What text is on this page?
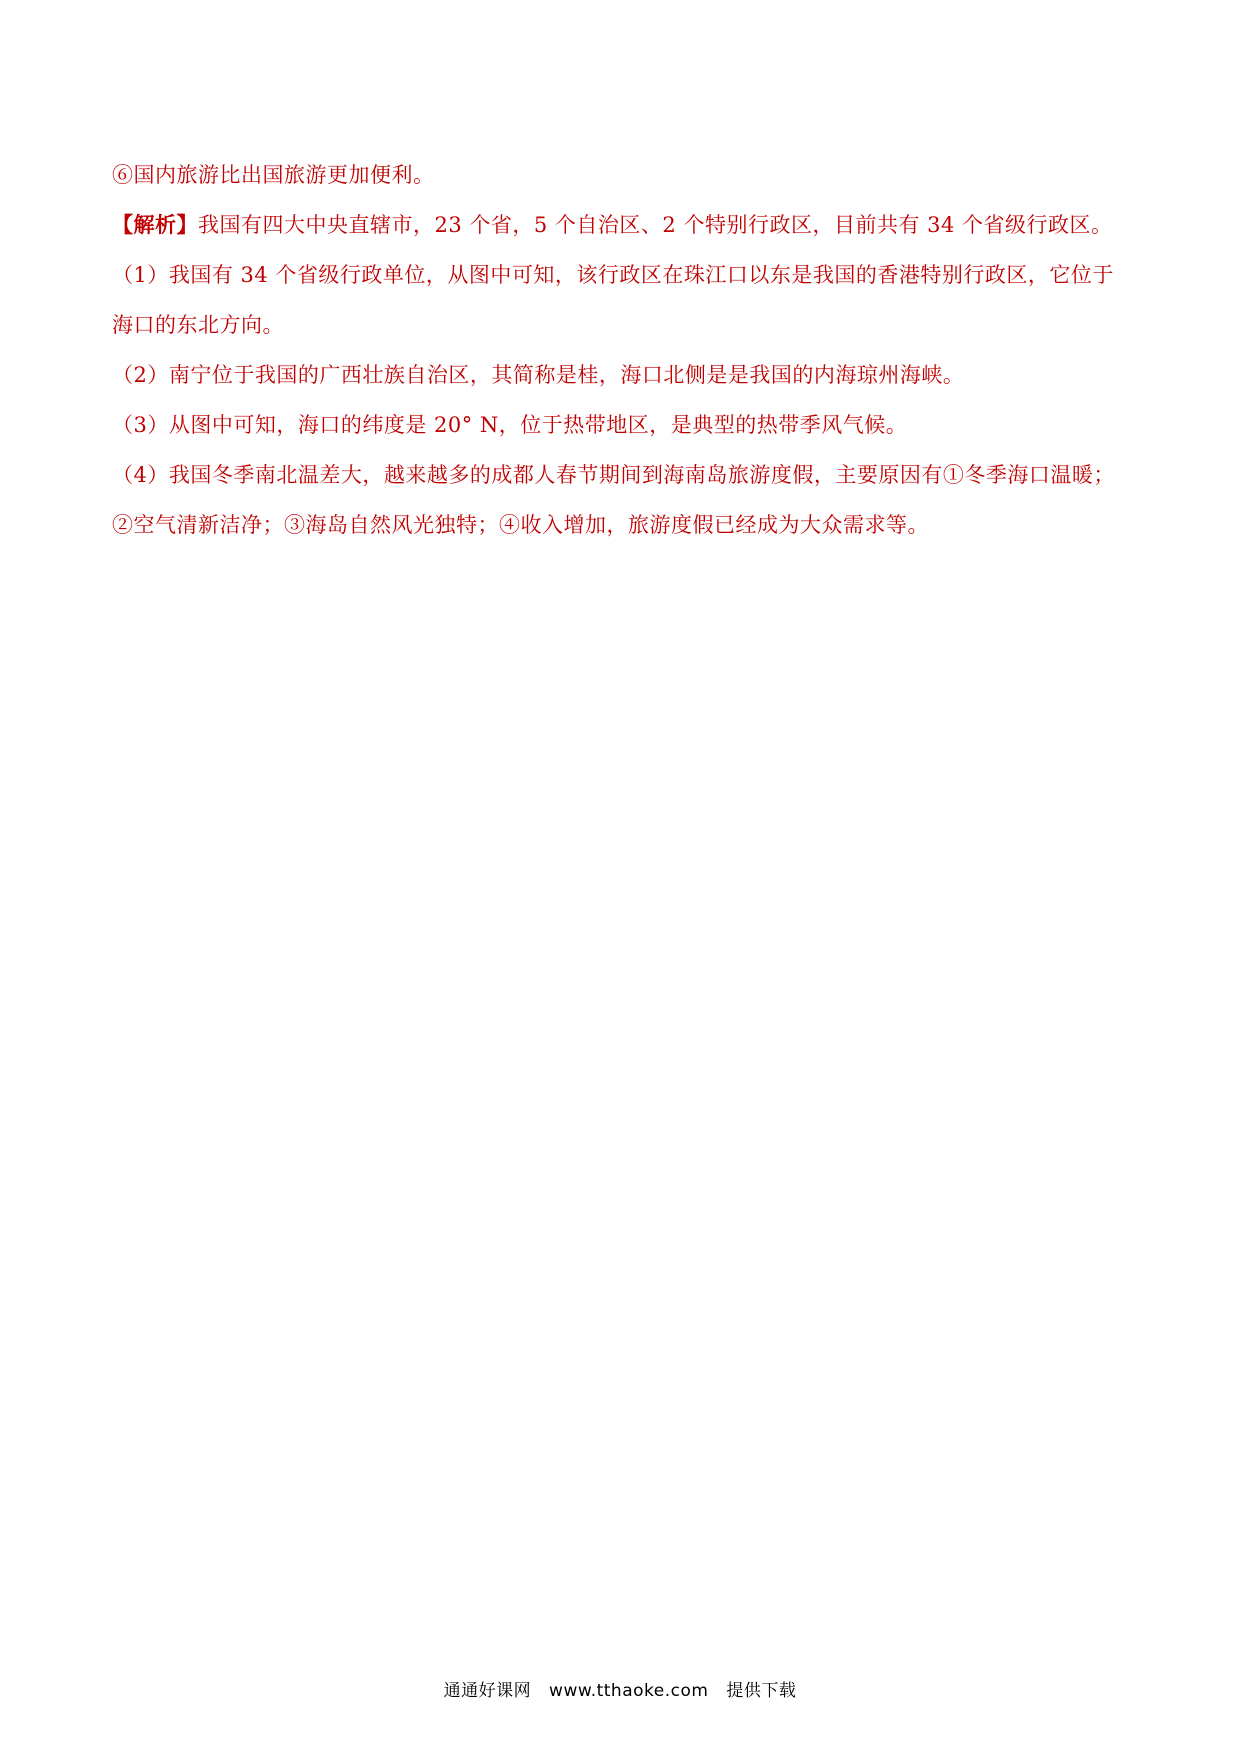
⑥国内旅游比出国旅游更加便利。
【解析】我国有四大中央直辖市，23 个省，5 个自治区、2 个特别行政区，目前共有 34 个省级行政区。
（1）我国有 34 个省级行政单位，从图中可知，该行政区在珠江口以东是我国的香港特别行政区，它位于
海口的东北方向。
（2）南宁位于我国的广西壮族自治区，其简称是桂，海口北侧是是我国的内海琼州海峡。
（3）从图中可知，海口的纬度是 20° N，位于热带地区，是典型的热带季风气候。
（4）我国冬季南北温差大，越来越多的成都人春节期间到海南岛旅游度假，主要原因有①冬季海口温暖；
②空气清新洁净；③海岛自然风光独特；④收入增加，旅游度假已经成为大众需求等。
通通好课网 www.tthaoke.com 提供下载
